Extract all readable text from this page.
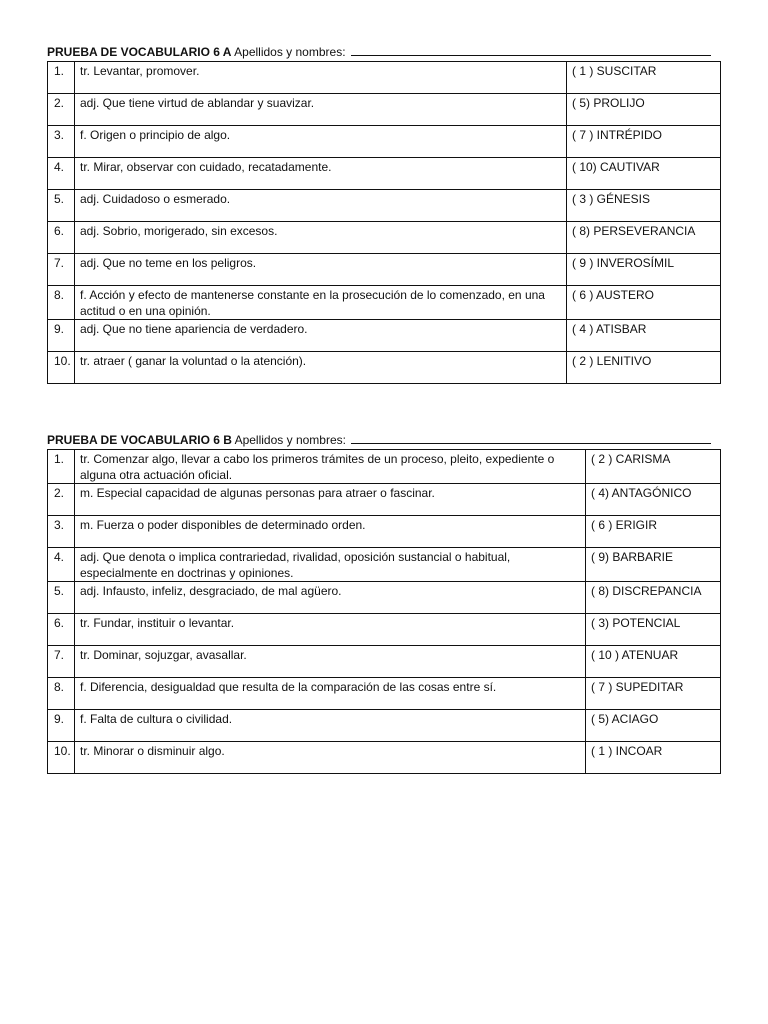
PRUEBA DE VOCABULARIO 6 A Apellidos y nombres:
1.	tr. Levantar, promover.	( 1 ) SUSCITAR
2.	adj. Que tiene virtud de ablandar y suavizar.	( 5) PROLIJO
3.	f. Origen o principio de algo.	( 7 ) INTRÉPIDO
4.	tr. Mirar, observar con cuidado, recatadamente.	( 10) CAUTIVAR
5.	adj. Cuidadoso o esmerado.	( 3 ) GÉNESIS
6.	adj. Sobrio, morigerado, sin excesos.	( 8) PERSEVERANCIA
7.	adj. Que no teme en los peligros.	( 9 ) INVEROSÍMIL
8.	f. Acción y efecto de mantenerse constante en la prosecución de lo comenzado, en una actitud o en una opinión.	( 6 ) AUSTERO
9.	adj. Que no tiene apariencia de verdadero.	( 4 ) ATISBAR
10.	tr. atraer ( ganar la voluntad o la atención).	( 2 ) LENITIVO
PRUEBA DE VOCABULARIO 6 B Apellidos y nombres:
1.	tr. Comenzar algo, llevar a cabo los primeros trámites de un proceso, pleito, expediente o alguna otra actuación oficial.	( 2 ) CARISMA
2.	m. Especial capacidad de algunas personas para atraer o fascinar.	( 4) ANTAGÓNICO
3.	m. Fuerza o poder disponibles de determinado orden.	( 6 ) ERIGIR
4.	adj. Que denota o implica contrariedad, rivalidad, oposición sustancial o habitual, especialmente en doctrinas y opiniones.	( 9) BARBARIE
5.	adj. Infausto, infeliz, desgraciado, de mal agüero.	( 8) DISCREPANCIA
6.	tr. Fundar, instituir o levantar.	( 3) POTENCIAL
7.	tr. Dominar, sojuzgar, avasallar.	( 10 ) ATENUAR
8.	f. Diferencia, desigualdad que resulta de la comparación de las cosas entre sí.	( 7 ) SUPEDITAR
9.	f. Falta de cultura o civilidad.	( 5) ACIAGO
10.	tr. Minorar o disminuir algo.	( 1 ) INCOAR
